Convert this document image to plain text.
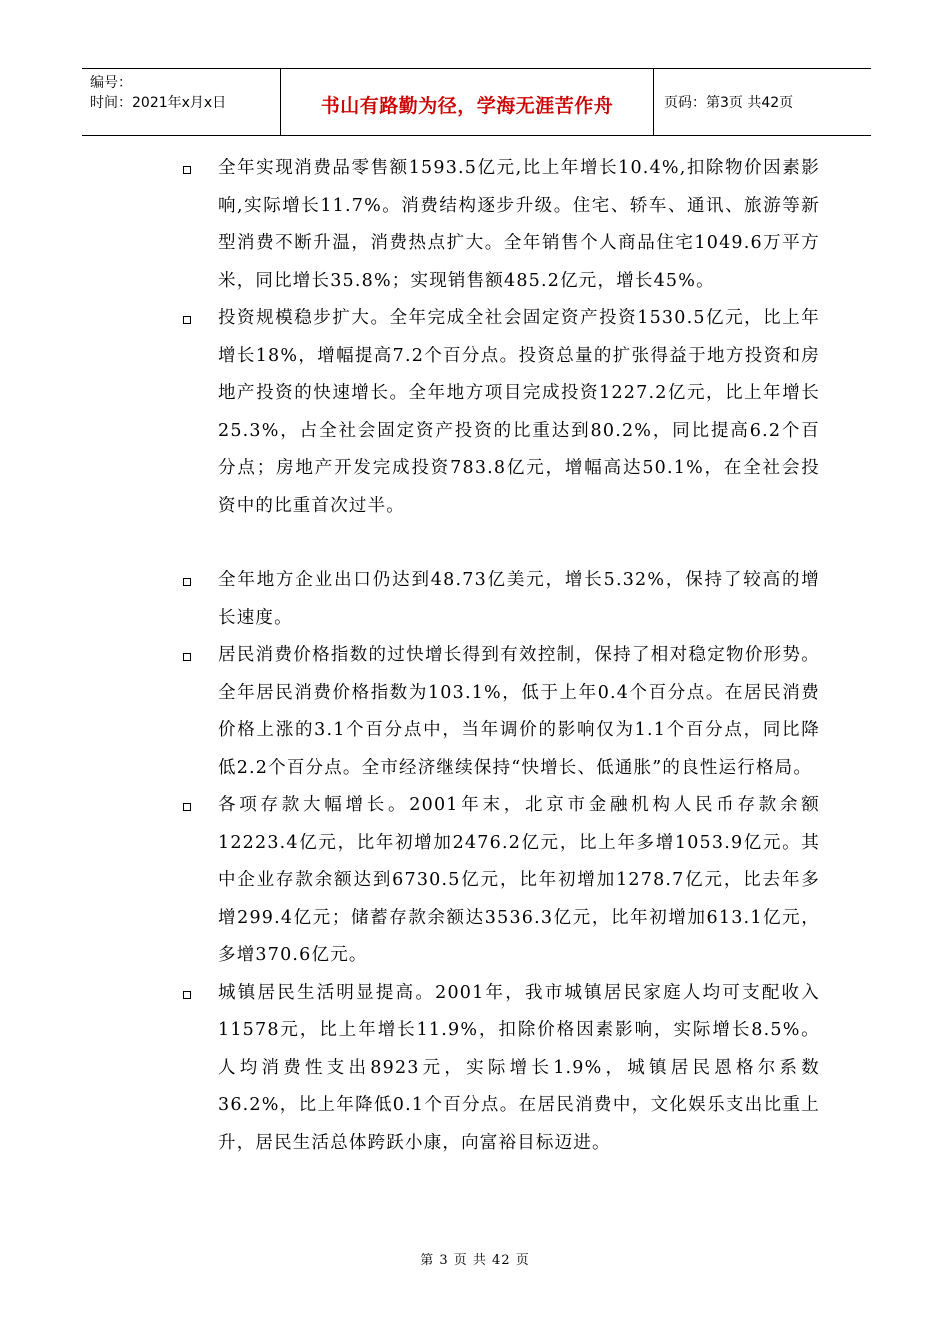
编号：
时间：2021年x月x日	书山有路勤为径，学海无涯苦作舟	页码：第3页 共42页
全年实现消费品零售额1593.5亿元,比上年增长10.4%,扣除物价因素影响,实际增长11.7%。消费结构逐步升级。住宅、轿车、通讯、旅游等新型消费不断升温，消费热点扩大。全年销售个人商品住宅1049.6万平方米，同比增长35.8%；实现销售额485.2亿元，增长45%。
投资规模稳步扩大。全年完成全社会固定资产投资1530.5亿元，比上年增长18%，增幅提高7.2个百分点。投资总量的扩张得益于地方投资和房地产投资的快速增长。全年地方项目完成投资1227.2亿元，比上年增长25.3%，占全社会固定资产投资的比重达到80.2%，同比提高6.2个百分点；房地产开发完成投资783.8亿元，增幅高达50.1%，在全社会投资中的比重首次过半。
全年地方企业出口仍达到48.73亿美元，增长5.32%，保持了较高的增长速度。
居民消费价格指数的过快增长得到有效控制，保持了相对稳定物价形势。全年居民消费价格指数为103.1%，低于上年0.4个百分点。在居民消费价格上涨的3.1个百分点中，当年调价的影响仅为1.1个百分点，同比降低2.2个百分点。全市经济继续保持“快增长、低通胀”的良性运行格局。
各项存款大幅增长。2001年末，北京市金融机构人民币存款余额12223.4亿元，比年初增加2476.2亿元，比上年多增1053.9亿元。其中企业存款余额达到6730.5亿元，比年初增加1278.7亿元，比去年多增299.4亿元；储蓄存款余额达3536.3亿元，比年初增加613.1亿元，多增370.6亿元。
城镇居民生活明显提高。2001年，我市城镇居民家庭人均可支配收入11578元，比上年增长11.9%，扣除价格因素影响，实际增长8.5%。人均消费性支出8923元，实际增长1.9%，城镇居民恩格尔系数36.2%，比上年降低0.1个百分点。在居民消费中，文化娱乐支出比重上升，居民生活总体跨跃小康，向富裕目标迈进。
第 3 页 共 42 页
